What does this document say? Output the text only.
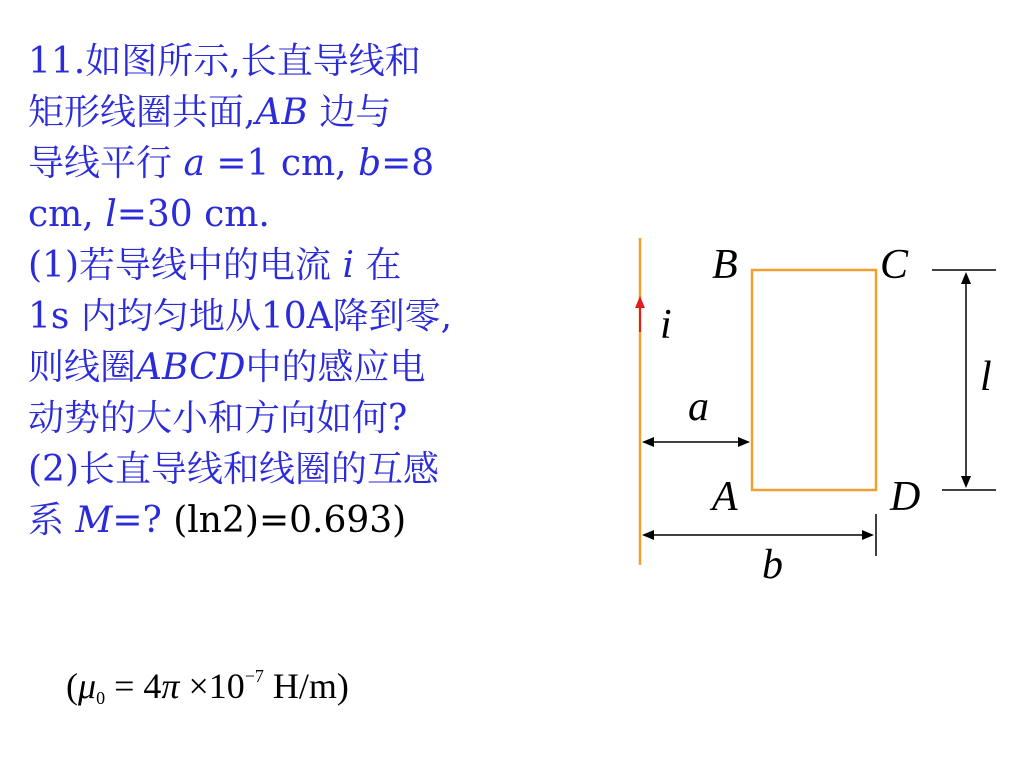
11.如图所示,长直导线和
矩形线圈共面,AB 边与
导线平行 a =1 cm, b=8
cm, l=30 cm.
(1)若导线中的电流 i 在
1s 内均匀地从10A降到零,
则线圈ABCD中的感应电
动势的大小和方向如何?
(2)长直导线和线圈的互感
系 M=? (ln2)=0.693)
($\mu_0 = 4\pi \times 10^{-7}$ H/m)
i
B	C
A	D
a
b
l
